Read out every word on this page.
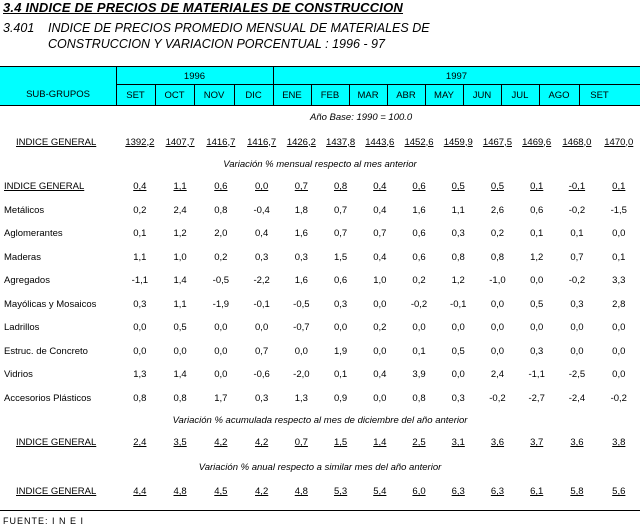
3.4 INDICE DE PRECIOS DE MATERIALES DE CONSTRUCCION
3.401 INDICE DE PRECIOS PROMEDIO MENSUAL DE MATERIALES DE
CONSTRUCCION Y VARIACION PORCENTUAL : 1996 - 97
SUB-GRUPOS
1996	1997
SET	OCT	NOV	DIC	ENE	FEB	MAR	ABR	MAY	JUN	JUL	AGO	SET
Año Base: 1990 = 100.0													
INDICE GENERAL	1392,2	1407,7	1416,7	1416,7	1426,2	1437,8	1443,6	1452,6	1459,9	1467,5	1469,6	1468,0	1470,0
Variación % mensual respecto al mes anterior													
INDICE GENERAL	0,4	1,1	0,6	0,0	0,7	0,8	0,4	0,6	0,5	0,5	0,1	-0,1	0,1
Metálicos	0,2	2,4	0,8	-0,4	1,8	0,7	0,4	1,6	1,1	2,6	0,6	-0,2	-1,5
Aglomerantes	0,1	1,2	2,0	0,4	1,6	0,7	0,7	0,6	0,3	0,2	0,1	0,1	0,0
Maderas	1,1	1,0	0,2	0,3	0,3	1,5	0,4	0,6	0,8	0,8	1,2	0,7	0,1
Agregados	-1,1	1,4	-0,5	-2,2	1,6	0,6	1,0	0,2	1,2	-1,0	0,0	-0,2	3,3
Mayólicas y Mosaicos	0,3	1,1	-1,9	-0,1	-0,5	0,3	0,0	-0,2	-0,1	0,0	0,5	0,3	2,8
Ladrillos	0,0	0,5	0,0	0,0	-0,7	0,0	0,2	0,0	0,0	0,0	0,0	0,0	0,0
Estruc. de Concreto	0,0	0,0	0,0	0,7	0,0	1,9	0,0	0,1	0,5	0,0	0,3	0,0	0,0
Vidrios	1,3	1,4	0,0	-0,6	-2,0	0,1	0,4	3,9	0,0	2,4	-1,1	-2,5	0,0
Accesorios Plásticos	0,8	0,8	1,7	0,3	1,3	0,9	0,0	0,8	0,3	-0,2	-2,7	-2,4	-0,2
Variación % acumulada respecto al mes de diciembre del año anterior													
INDICE GENERAL	2,4	3,5	4,2	4,2	0,7	1,5	1,4	2,5	3,1	3,6	3,7	3,6	3,8
Variación % anual respecto a similar mes del año anterior													
INDICE GENERAL	4,4	4,8	4,5	4,2	4,8	5,3	5,4	6,0	6,3	6,3	6,1	5,8	5,6
FUENTE: I N E I
